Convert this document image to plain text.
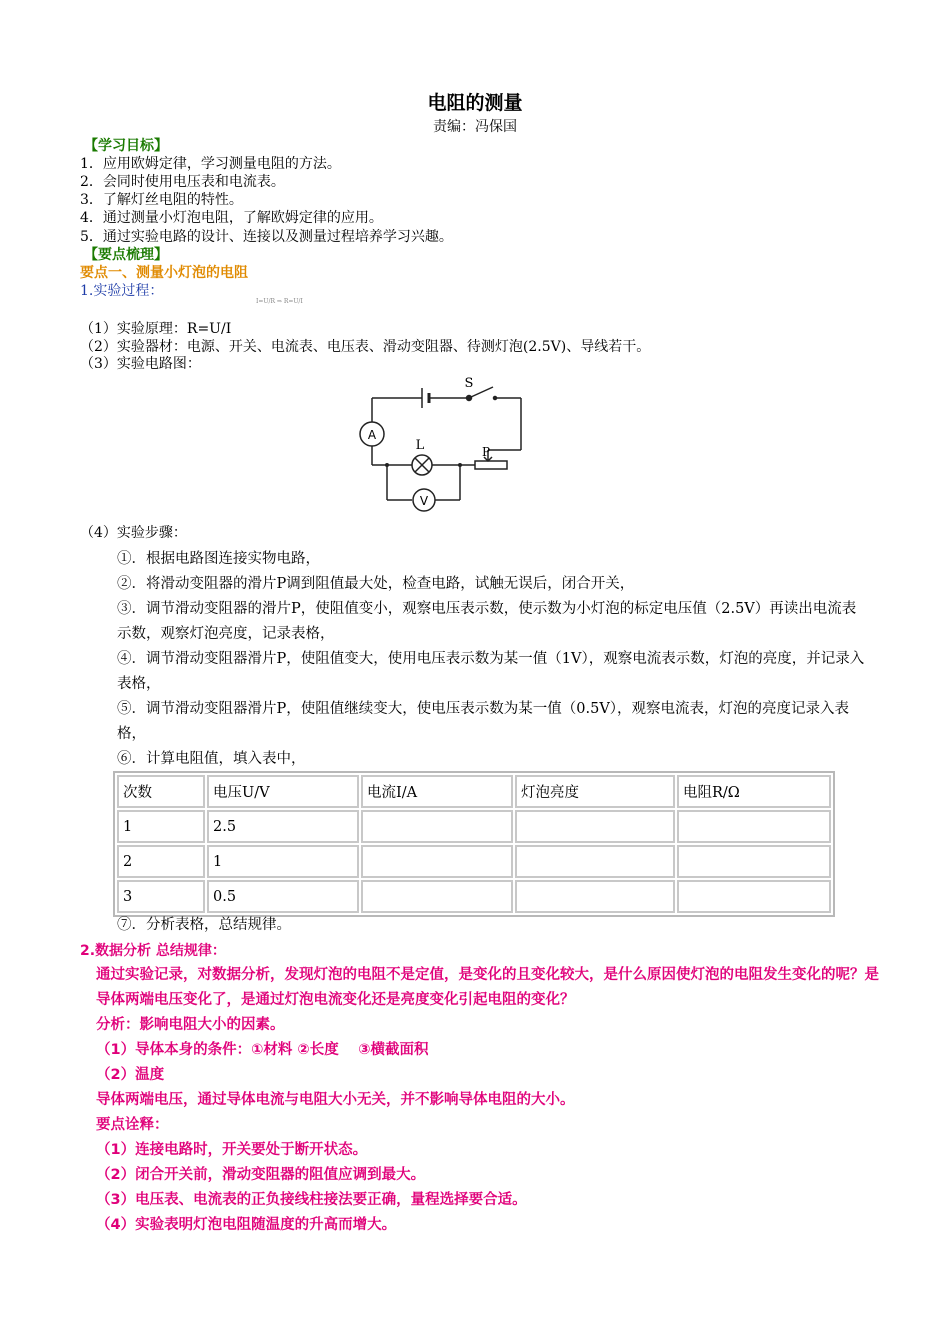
电阻的测量
责编：冯保国
【学习目标】
1．应用欧姆定律，学习测量电阻的方法。
2．会同时使用电压表和电流表。
3．了解灯丝电阻的特性。
4．通过测量小灯泡电阻，了解欧姆定律的应用。
5．通过实验电路的设计、连接以及测量过程培养学习兴趣。
【要点梳理】
要点一、测量小灯泡的电阻
1.实验过程：
I=U/R ⇒ R=U/I
（1）实验原理：R=U/I
（2）实验器材：电源、开关、电流表、电压表、滑动变阻器、待测灯泡(2.5V)、导线若干。
（3）实验电路图：
A
V
L
S
P
（4）实验步骤：
①．根据电路图连接实物电路，
②．将滑动变阻器的滑片P调到阻值最大处，检查电路，试触无误后，闭合开关，
③．调节滑动变阻器的滑片P，使阻值变小，观察电压表示数，使示数为小灯泡的标定电压值（2.5V）再读出电流表示数，观察灯泡亮度，记录表格，
④．调节滑动变阻器滑片P，使阻值变大，使用电压表示数为某一值（1V），观察电流表示数，灯泡的亮度，并记录入表格，
⑤．调节滑动变阻器滑片P，使阻值继续变大，使电压表示数为某一值（0.5V），观察电流表，灯泡的亮度记录入表格，
⑥．计算电阻值，填入表中，
次数	电压U/V	电流I/A	灯泡亮度	电阻R/Ω
1	2.5			
2	1			
3	0.5			
⑦．分析表格，总结规律。
2.数据分析 总结规律：
通过实验记录，对数据分析，发现灯泡的电阻不是定值，是变化的且变化较大，是什么原因使灯泡的电阻发生变化的呢？是导体两端电压变化了，是通过灯泡电流变化还是亮度变化引起电阻的变化？
分析：影响电阻大小的因素。
（1）导体本身的条件：①材料 ②长度　 ③横截面积
（2）温度
导体两端电压，通过导体电流与电阻大小无关，并不影响导体电阻的大小。
要点诠释：
（1）连接电路时，开关要处于断开状态。
（2）闭合开关前，滑动变阻器的阻值应调到最大。
（3）电压表、电流表的正负接线柱接法要正确，量程选择要合适。
（4）实验表明灯泡电阻随温度的升高而增大。
